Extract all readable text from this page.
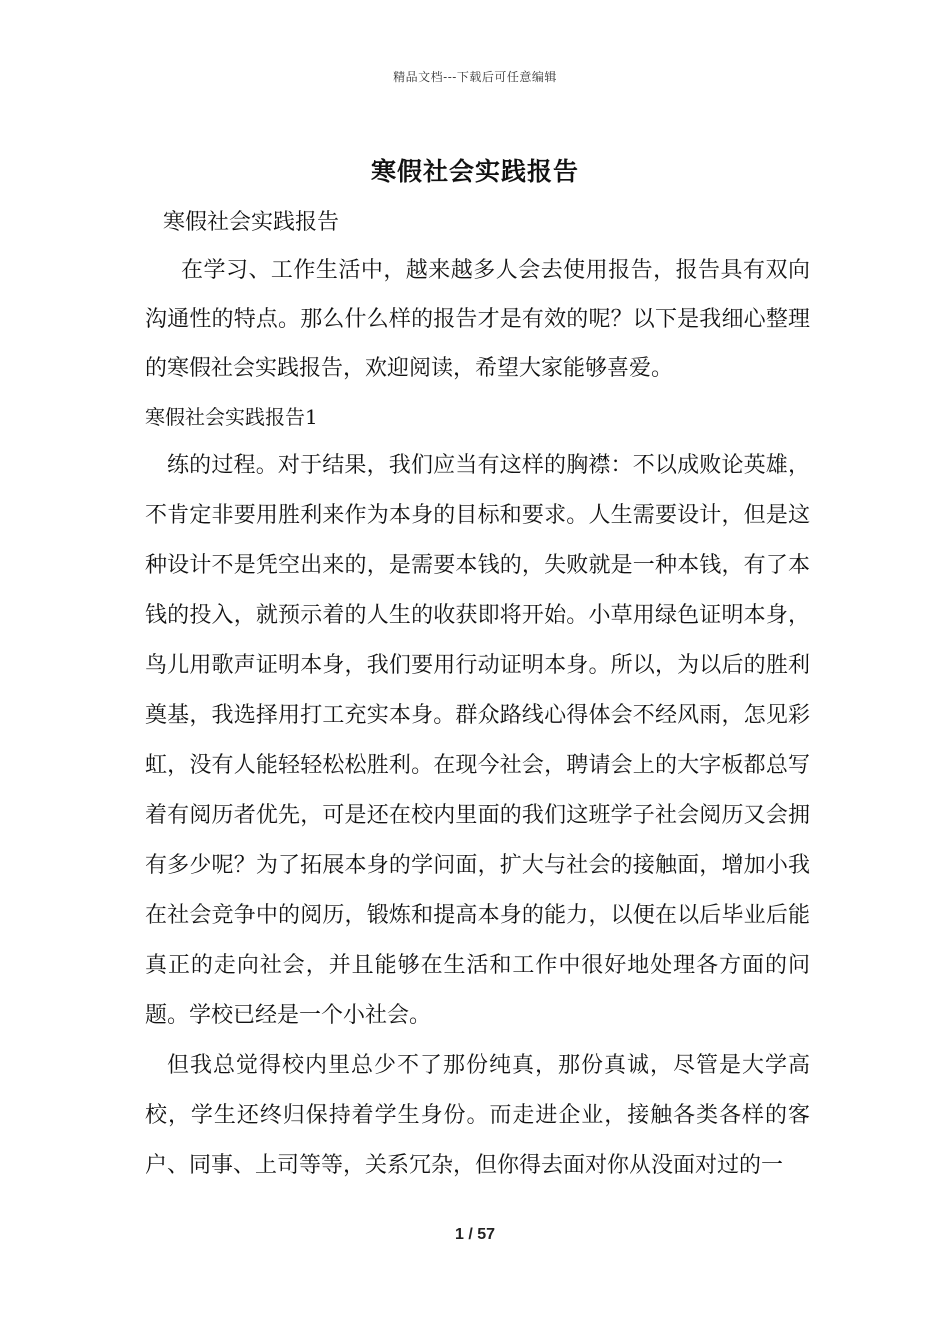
精品文档---下载后可任意编辑
寒假社会实践报告

寒假社会实践报告

在学习、工作生活中，越来越多人会去使用报告，报告具有双向沟通性的特点。那么什么样的报告才是有效的呢？以下是我细心整理的寒假社会实践报告，欢迎阅读，希望大家能够喜爱。

寒假社会实践报告1

练的过程。对于结果，我们应当有这样的胸襟：不以成败论英雄，不肯定非要用胜利来作为本身的目标和要求。人生需要设计，但是这种设计不是凭空出来的，是需要本钱的，失败就是一种本钱，有了本钱的投入，就预示着的人生的收获即将开始。小草用绿色证明本身，鸟儿用歌声证明本身，我们要用行动证明本身。所以，为以后的胜利奠基，我选择用打工充实本身。群众路线心得体会不经风雨，怎见彩虹，没有人能轻轻松松胜利。在现今社会，聘请会上的大字板都总写着有阅历者优先，可是还在校内里面的我们这班学子社会阅历又会拥有多少呢？为了拓展本身的学问面，扩大与社会的接触面，增加小我在社会竞争中的阅历，锻炼和提高本身的能力，以便在以后毕业后能真正的走向社会，并且能够在生活和工作中很好地处理各方面的问题。学校已经是一个小社会。

但我总觉得校内里总少不了那份纯真，那份真诚，尽管是大学高校，学生还终归保持着学生身份。而走进企业，接触各类各样的客户、同事、上司等等，关系冗杂，但你得去面对你从没面对过的一

1 / 57
